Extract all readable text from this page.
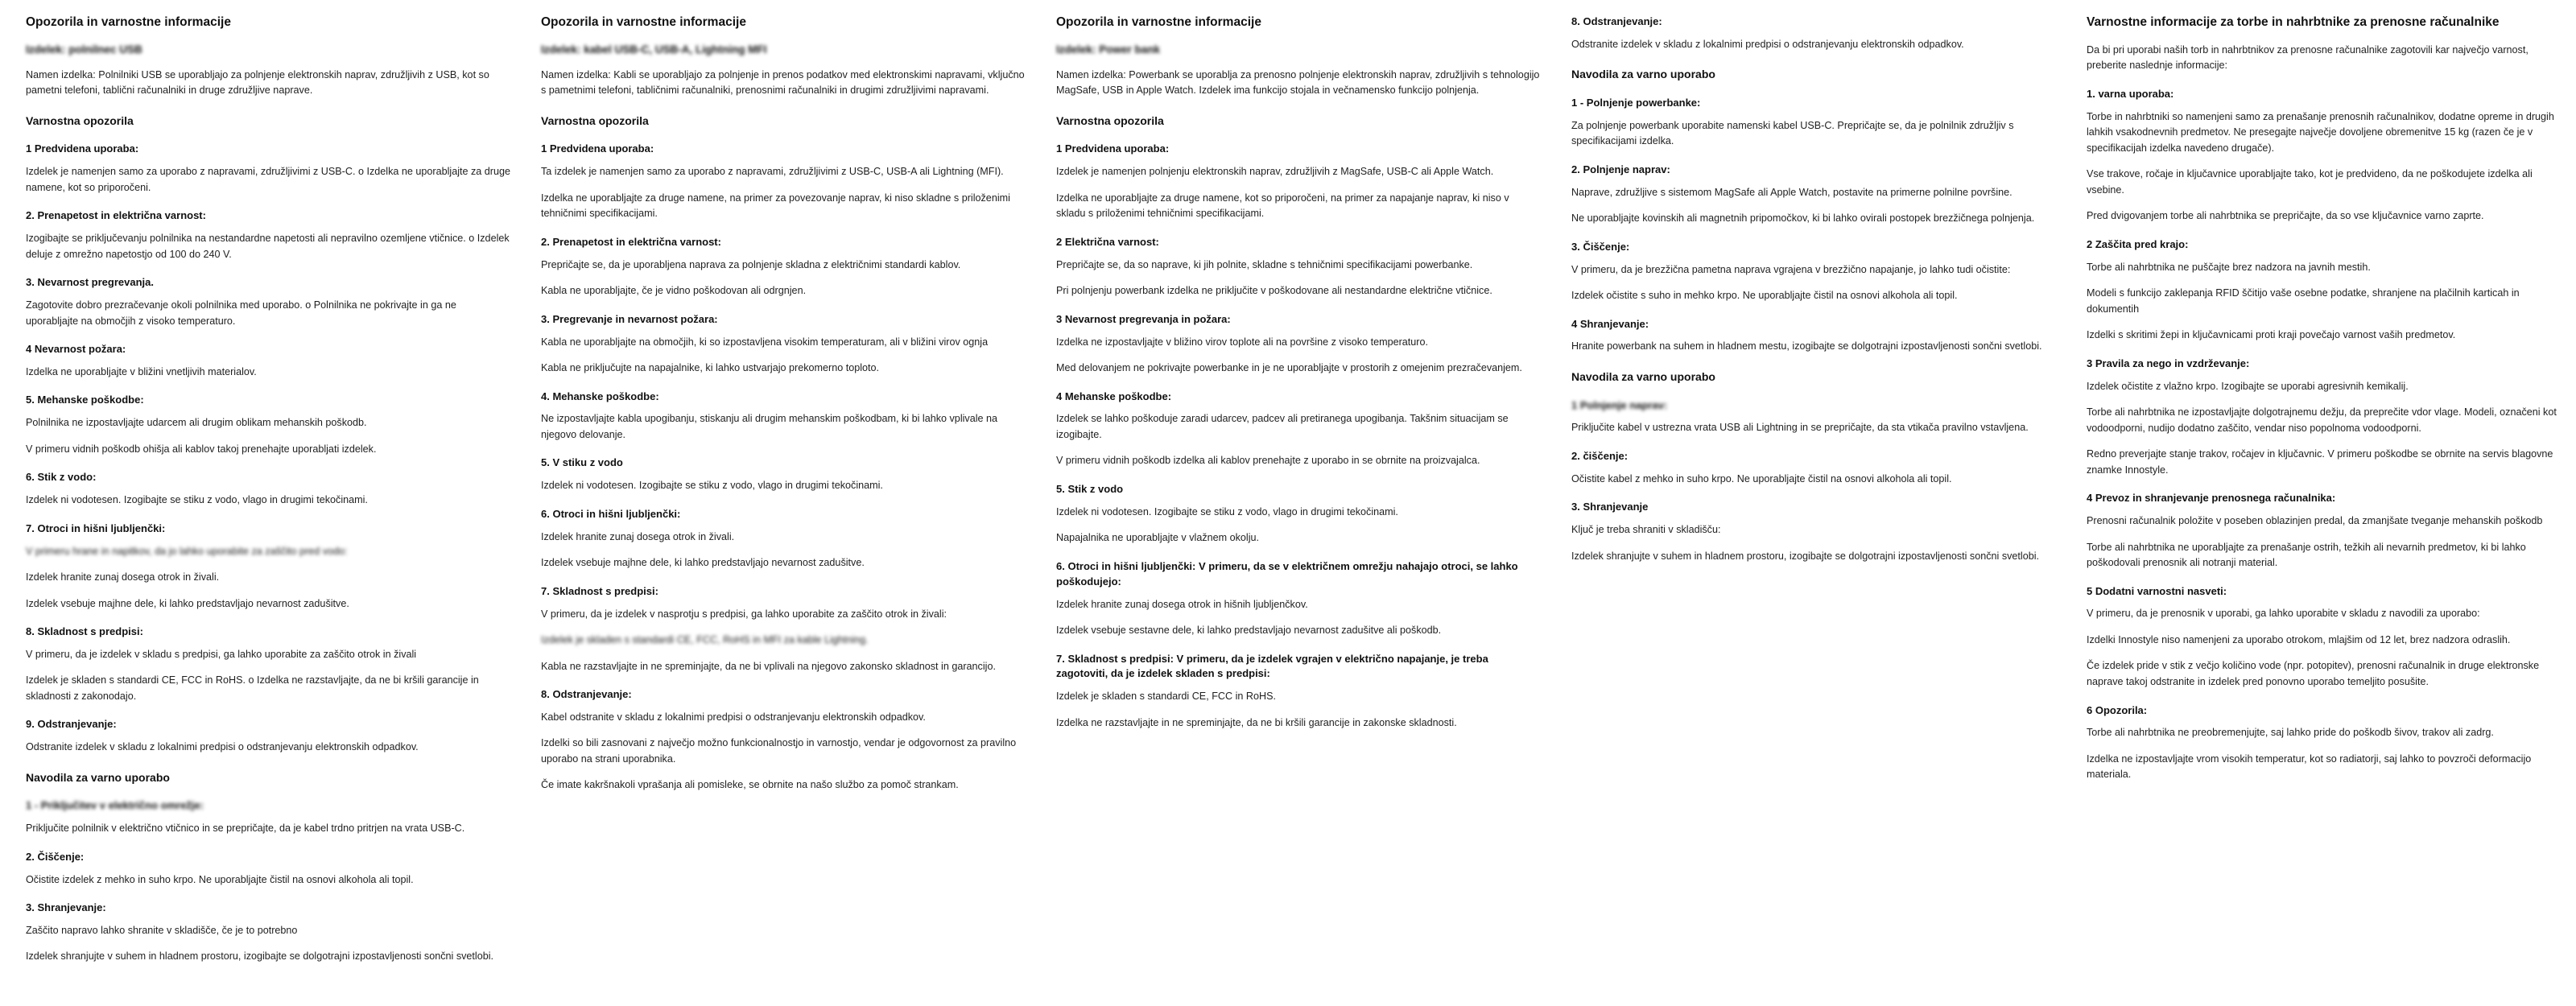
Opozorila in varnostne informacije
Izdelek: polnilnec USB

Namen izdelka: Polnilniki USB se uporabljajo za polnjenje elektronskih naprav, združljivih z USB, kot so pametni telefoni, tablični računalniki in druge združljive naprave.

Varnostna opozorila
1 Predvidena uporaba:

Izdelek je namenjen samo za uporabo z napravami, združljivimi z USB-C. o Izdelka ne uporabljajte za druge namene, kot so priporočeni.

2. Prenapetost in električna varnost:

Izogibajte se priključevanju polnilnika na nestandardne napetosti ali nepravilno ozemljene vtičnice. o Izdelek deluje z omrežno napetostjo od 100 do 240 V.

3. Nevarnost pregrevanja.

Zagotovite dobro prezračevanje okoli polnilnika med uporabo. o Polnilnika ne pokrivajte in ga ne uporabljajte na območjih z visoko temperaturo.

4 Nevarnost požara:

Izdelka ne uporabljajte v bližini vnetljivih materialov.

5. Mehanske poškodbe:

Polnilnika ne izpostavljajte udarcem ali drugim oblikam mehanskih poškodb.

V primeru vidnih poškodb ohišja ali kablov takoj prenehajte uporabljati izdelek.

6. Stik z vodo:

Izdelek ni vodotesen. Izogibajte se stiku z vodo, vlago in drugimi tekočinami.

7. Otroci in hišni ljubljenčki:

V primeru hrane in napitkov, da jo lahko uporabite za zaščito pred vodo:

Izdelek hranite zunaj dosega otrok in živali.

Izdelek vsebuje majhne dele, ki lahko predstavljajo nevarnost zadušitve.

8. Skladnost s predpisi:

V primeru, da je izdelek v skladu s predpisi, ga lahko uporabite za zaščito otrok in živali

Izdelek je skladen s standardi CE, FCC in RoHS. o Izdelka ne razstavljajte, da ne bi kršili garancije in skladnosti z zakonodajo.

9. Odstranjevanje:

Odstranite izdelek v skladu z lokalnimi predpisi o odstranjevanju elektronskih odpadkov.

Navodila za varno uporabo
1 - Priključitev v električno omrežje:

Priključite polnilnik v električno vtičnico in se prepričajte, da je kabel trdno pritrjen na vrata USB-C.

2. Čiščenje:

Očistite izdelek z mehko in suho krpo. Ne uporabljajte čistil na osnovi alkohola ali topil.

3. Shranjevanje:

Zaščito napravo lahko shranite v skladišče, če je to potrebno

Izdelek shranjujte v suhem in hladnem prostoru, izogibajte se dolgotrajni izpostavljenosti sončni svetlobi.

Opozorila in varnostne informacije
Izdelek: kabel USB-C, USB-A, Lightning MFI

Namen izdelka: Kabli se uporabljajo za polnjenje in prenos podatkov med elektronskimi napravami, vključno s pametnimi telefoni, tabličnimi računalniki, prenosnimi računalniki in drugimi združljivimi napravami.

Varnostna opozorila
1 Predvidena uporaba:

Ta izdelek je namenjen samo za uporabo z napravami, združljivimi z USB-C, USB-A ali Lightning (MFI).

Izdelka ne uporabljajte za druge namene, na primer za povezovanje naprav, ki niso skladne s priloženimi tehničnimi specifikacijami.

2. Prenapetost in električna varnost:

Prepričajte se, da je uporabljena naprava za polnjenje skladna z električnimi standardi kablov.

Kabla ne uporabljajte, če je vidno poškodovan ali odrgnjen.

3. Pregrevanje in nevarnost požara:

Kabla ne uporabljajte na območjih, ki so izpostavljena visokim temperaturam, ali v bližini virov ognja

Kabla ne priključujte na napajalnike, ki lahko ustvarjajo prekomerno toploto.

4. Mehanske poškodbe:

Ne izpostavljajte kabla upogibanju, stiskanju ali drugim mehanskim poškodbam, ki bi lahko vplivale na njegovo delovanje.

5. V stiku z vodo

Izdelek ni vodotesen. Izogibajte se stiku z vodo, vlago in drugimi tekočinami.

6. Otroci in hišni ljubljenčki:

Izdelek hranite zunaj dosega otrok in živali.

Izdelek vsebuje majhne dele, ki lahko predstavljajo nevarnost zadušitve.

7. Skladnost s predpisi:

V primeru, da je izdelek v nasprotju s predpisi, ga lahko uporabite za zaščito otrok in živali:

Izdelek je skladen s standardi CE, FCC, RoHS in MFI za kable Lightning.

Kabla ne razstavljajte in ne spreminjajte, da ne bi vplivali na njegovo zakonsko skladnost in garancijo.

8. Odstranjevanje:

Kabel odstranite v skladu z lokalnimi predpisi o odstranjevanju elektronskih odpadkov.

Izdelki so bili zasnovani z največjo možno funkcionalnostjo in varnostjo, vendar je odgovornost za pravilno uporabo na strani uporabnika.

Če imate kakršnakoli vprašanja ali pomisleke, se obrnite na našo službo za pomoč strankam.

Opozorila in varnostne informacije
Izdelek: Power bank

Namen izdelka: Powerbank se uporablja za prenosno polnjenje elektronskih naprav, združljivih s tehnologijo MagSafe, USB in Apple Watch. Izdelek ima funkcijo stojala in večnamensko funkcijo polnjenja.

Varnostna opozorila
1 Predvidena uporaba:

Izdelek je namenjen polnjenju elektronskih naprav, združljivih z MagSafe, USB-C ali Apple Watch.

Izdelka ne uporabljajte za druge namene, kot so priporočeni, na primer za napajanje naprav, ki niso v skladu s priloženimi tehničnimi specifikacijami.

2 Električna varnost:

Prepričajte se, da so naprave, ki jih polnite, skladne s tehničnimi specifikacijami powerbanke.

Pri polnjenju powerbank izdelka ne priključite v poškodovane ali nestandardne električne vtičnice.

3 Nevarnost pregrevanja in požara:

Izdelka ne izpostavljajte v bližino virov toplote ali na površine z visoko temperaturo.

Med delovanjem ne pokrivajte powerbanke in je ne uporabljajte v prostorih z omejenim prezračevanjem.

4 Mehanske poškodbe:

Izdelek se lahko poškoduje zaradi udarcev, padcev ali pretiranega upogibanja. Takšnim situacijam se izogibajte.

V primeru vidnih poškodb izdelka ali kablov prenehajte z uporabo in se obrnite na proizvajalca.

5. Stik z vodo

Izdelek ni vodotesen. Izogibajte se stiku z vodo, vlago in drugimi tekočinami.

Napajalnika ne uporabljajte v vlažnem okolju.

6. Otroci in hišni ljubljenčki: V primeru, da se v električnem omrežju nahajajo otroci, se lahko poškodujejo:

Izdelek hranite zunaj dosega otrok in hišnih ljubljenčkov.

Izdelek vsebuje sestavne dele, ki lahko predstavljajo nevarnost zadušitve ali poškodb.

7. Skladnost s predpisi: V primeru, da je izdelek vgrajen v električno napajanje, je treba zagotoviti, da je izdelek skladen s predpisi:

Izdelek je skladen s standardi CE, FCC in RoHS.

Izdelka ne razstavljajte in ne spreminjajte, da ne bi kršili garancije in zakonske skladnosti.

8. Odstranjevanje:

Odstranite izdelek v skladu z lokalnimi predpisi o odstranjevanju elektronskih odpadkov.

Navodila za varno uporabo
1 - Polnjenje powerbanke:

Za polnjenje powerbank uporabite namenski kabel USB-C. Prepričajte se, da je polnilnik združljiv s specifikacijami izdelka.

2. Polnjenje naprav:

Naprave, združljive s sistemom MagSafe ali Apple Watch, postavite na primerne polnilne površine.

Ne uporabljajte kovinskih ali magnetnih pripomočkov, ki bi lahko ovirali postopek brezžičnega polnjenja.

3. Čiščenje:

V primeru, da je brezžična pametna naprava vgrajena v brezžično napajanje, jo lahko tudi očistite:

Izdelek očistite s suho in mehko krpo. Ne uporabljajte čistil na osnovi alkohola ali topil.

4 Shranjevanje:

Hranite powerbank na suhem in hladnem mestu, izogibajte se dolgotrajni izpostavljenosti sončni svetlobi.

Navodila za varno uporabo
1 Polnjenje naprav:

Priključite kabel v ustrezna vrata USB ali Lightning in se prepričajte, da sta vtikača pravilno vstavljena.

2. čiščenje:

Očistite kabel z mehko in suho krpo. Ne uporabljajte čistil na osnovi alkohola ali topil.

3. Shranjevanje

Ključ je treba shraniti v skladišču:

Izdelek shranjujte v suhem in hladnem prostoru, izogibajte se dolgotrajni izpostavljenosti sončni svetlobi.

Varnostne informacije za torbe in nahrbtnike za prenosne računalnike

Da bi pri uporabi naših torb in nahrbtnikov za prenosne računalnike zagotovili kar največjo varnost, preberite naslednje informacije:

1. varna uporaba:

Torbe in nahrbtniki so namenjeni samo za prenašanje prenosnih računalnikov, dodatne opreme in drugih lahkih vsakodnevnih predmetov. Ne presegajte največje dovoljene obremenitve 15 kg (razen če je v specifikacijah izdelka navedeno drugače).

Vse trakove, ročaje in ključavnice uporabljajte tako, kot je predvideno, da ne poškodujete izdelka ali vsebine.

Pred dvigovanjem torbe ali nahrbtnika se prepričajte, da so vse ključavnice varno zaprte.

2 Zaščita pred krajo:

Torbe ali nahrbtnika ne puščajte brez nadzora na javnih mestih.

Modeli s funkcijo zaklepanja RFID ščitijo vaše osebne podatke, shranjene na plačilnih karticah in dokumentih

Izdelki s skritimi žepi in ključavnicami proti kraji povečajo varnost vaših predmetov.

3 Pravila za nego in vzdrževanje:

Izdelek očistite z vlažno krpo. Izogibajte se uporabi agresivnih kemikalij.

Torbe ali nahrbtnika ne izpostavljajte dolgotrajnemu dežju, da preprečite vdor vlage. Modeli, označeni kot vodoodporni, nudijo dodatno zaščito, vendar niso popolnoma vodoodporni.

Redno preverjajte stanje trakov, ročajev in ključavnic. V primeru poškodbe se obrnite na servis blagovne znamke Innostyle.

4 Prevoz in shranjevanje prenosnega računalnika:

Prenosni računalnik položite v poseben oblazinjen predal, da zmanjšate tveganje mehanskih poškodb

Torbe ali nahrbtnika ne uporabljajte za prenašanje ostrih, težkih ali nevarnih predmetov, ki bi lahko poškodovali prenosnik ali notranji material.

5 Dodatni varnostni nasveti:

V primeru, da je prenosnik v uporabi, ga lahko uporabite v skladu z navodili za uporabo:

Izdelki Innostyle niso namenjeni za uporabo otrokom, mlajšim od 12 let, brez nadzora odraslih.

Če izdelek pride v stik z večjo količino vode (npr. potopitev), prenosni računalnik in druge elektronske naprave takoj odstranite in izdelek pred ponovno uporabo temeljito posušite.

6 Opozorila:

Torbe ali nahrbtnika ne preobremenjujte, saj lahko pride do poškodb šivov, trakov ali zadrg.

Izdelka ne izpostavljajte vrom visokih temperatur, kot so radiatorji, saj lahko to povzroči deformacijo materiala.
